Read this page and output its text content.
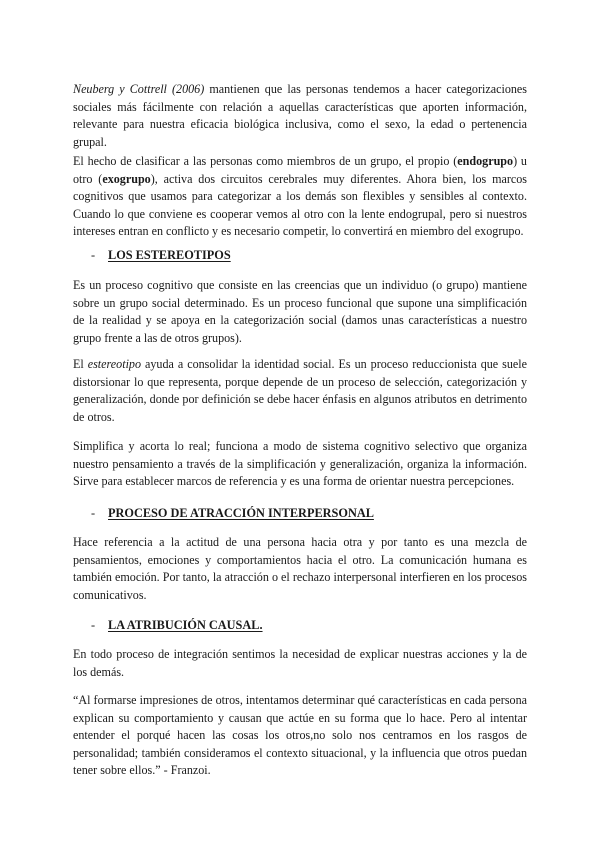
Neuberg y Cottrell (2006) mantienen que las personas tendemos a hacer categorizaciones sociales más fácilmente con relación a aquellas características que aporten información, relevante para nuestra eficacia biológica inclusiva, como el sexo, la edad o pertenencia grupal.

El hecho de clasificar a las personas como miembros de un grupo, el propio (endogrupo) u otro (exogrupo), activa dos circuitos cerebrales muy diferentes. Ahora bien, los marcos cognitivos que usamos para categorizar a los demás son flexibles y sensibles al contexto. Cuando lo que conviene es cooperar vemos al otro con la lente endogrupal, pero si nuestros intereses entran en conflicto y es necesario competir, lo convertirá en miembro del exogrupo.

- LOS ESTEREOTIPOS

Es un proceso cognitivo que consiste en las creencias que un individuo (o grupo) mantiene sobre un grupo social determinado. Es un proceso funcional que supone una simplificación de la realidad y se apoya en la categorización social (damos unas características a nuestro grupo frente a las de otros grupos).

El estereotipo ayuda a consolidar la identidad social. Es un proceso reduccionista que suele distorsionar lo que representa, porque depende de un proceso de selección, categorización y generalización, donde por definición se debe hacer énfasis en algunos atributos en detrimento de otros.

Simplifica y acorta lo real; funciona a modo de sistema cognitivo selectivo que organiza nuestro pensamiento a través de la simplificación y generalización, organiza la información. Sirve para establecer marcos de referencia y es una forma de orientar nuestra percepciones.

- PROCESO DE ATRACCIÓN INTERPERSONAL

Hace referencia a la actitud de una persona hacia otra y por tanto es una mezcla de pensamientos, emociones y comportamientos hacia el otro. La comunicación humana es también emoción. Por tanto, la atracción o el rechazo interpersonal interfieren en los procesos comunicativos.

- LA ATRIBUCIÓN CAUSAL.

En todo proceso de integración sentimos la necesidad de explicar nuestras acciones y la de los demás.

“Al formarse impresiones de otros, intentamos determinar qué características en cada persona explican su comportamiento y causan que actúe en su forma que lo hace. Pero al intentar entender el porqué hacen las cosas los otros,no solo nos centramos en los rasgos de personalidad; también consideramos el contexto situacional, y la influencia que otros puedan tener sobre ellos.” - Franzoi.
